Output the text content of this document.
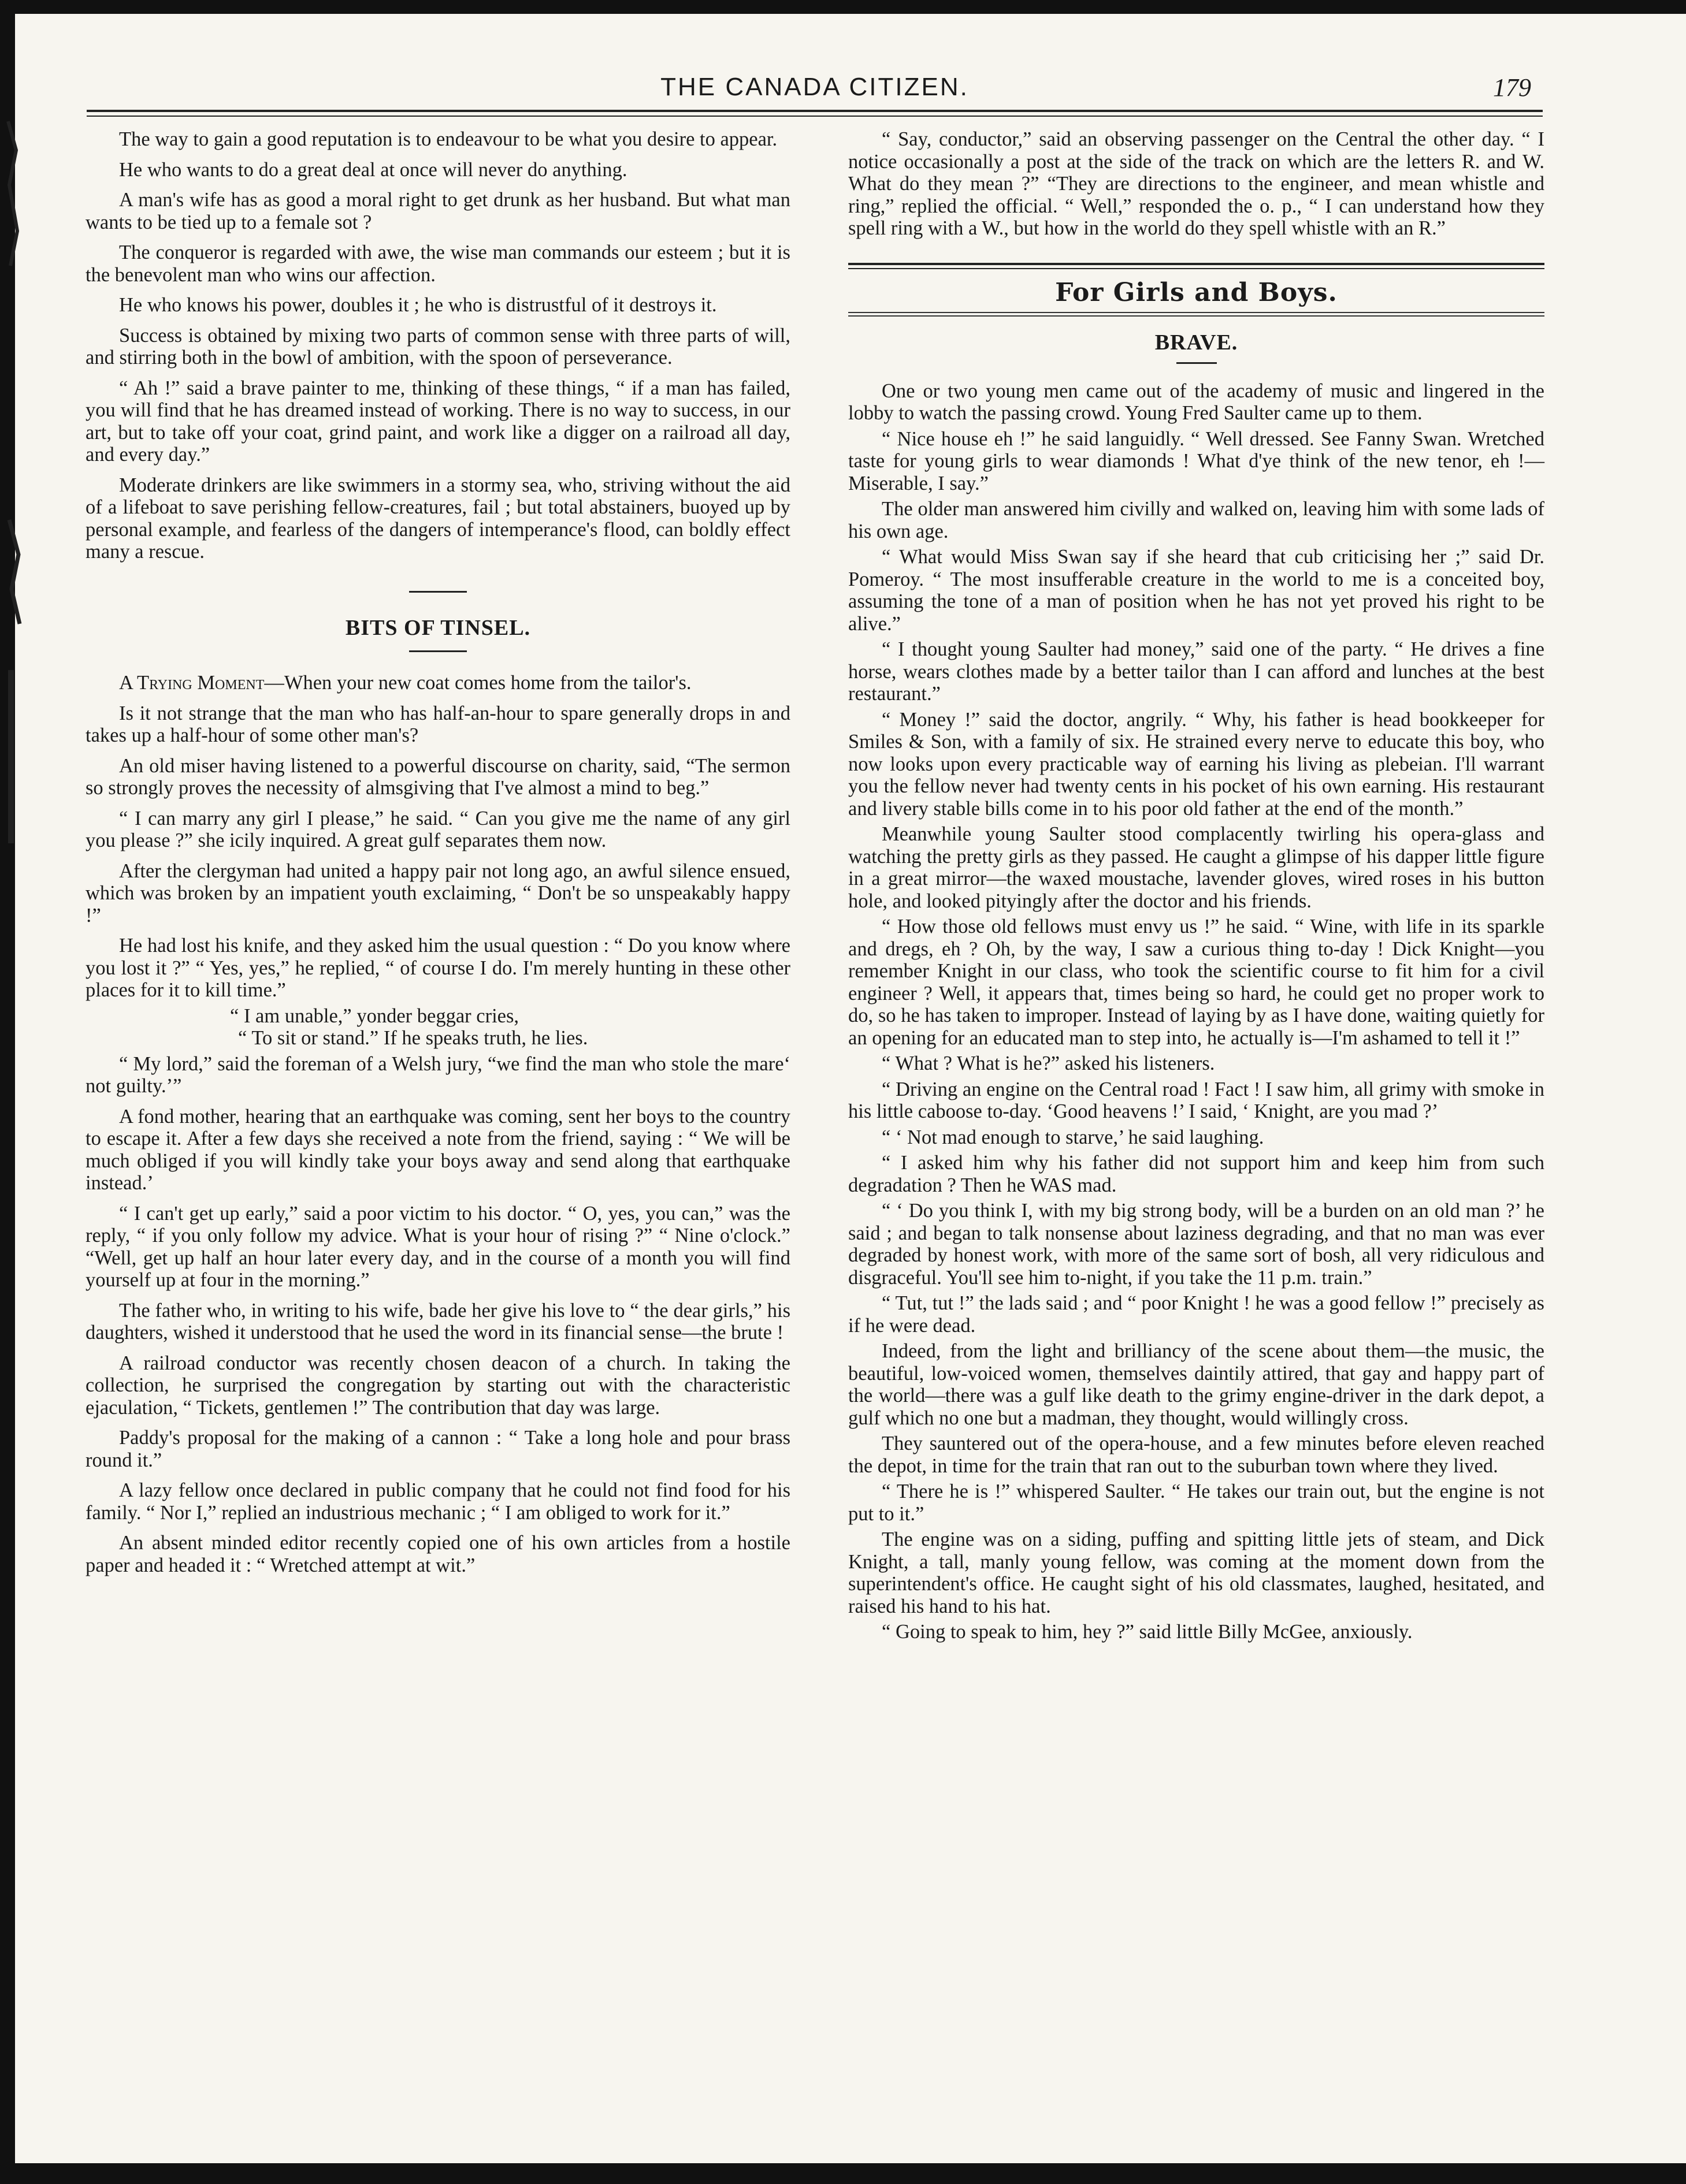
THE CANADA CITIZEN.	179

The way to gain a good reputation is to endeavour to be what you desire to appear.

He who wants to do a great deal at once will never do anything.

A man's wife has as good a moral right to get drunk as her husband. But what man wants to be tied up to a female sot ?

The conqueror is regarded with awe, the wise man commands our esteem ; but it is the benevolent man who wins our affection.

He who knows his power, doubles it ; he who is distrustful of it destroys it.

Success is obtained by mixing two parts of common sense with three parts of will, and stirring both in the bowl of ambition, with the spoon of perseverance.

“ Ah !” said a brave painter to me, thinking of these things, “ if a man has failed, you will find that he has dreamed instead of working. There is no way to success, in our art, but to take off your coat, grind paint, and work like a digger on a railroad all day, and every day.”

Moderate drinkers are like swimmers in a stormy sea, who, striving without the aid of a lifeboat to save perishing fellow-creatures, fail ; but total abstainers, buoyed up by personal example, and fearless of the dangers of intemperance's flood, can boldly effect many a rescue.

BITS OF TINSEL.

A Trying Moment—When your new coat comes home from the tailor's.

Is it not strange that the man who has half-an-hour to spare generally drops in and takes up a half-hour of some other man's?

An old miser having listened to a powerful discourse on charity, said, “The sermon so strongly proves the necessity of almsgiving that I've almost a mind to beg.”

“ I can marry any girl I please,” he said. “ Can you give me the name of any girl you please ?” she icily inquired. A great gulf separates them now.

After the clergyman had united a happy pair not long ago, an awful silence ensued, which was broken by an impatient youth exclaiming, “ Don't be so unspeakably happy !”

He had lost his knife, and they asked him the usual question : “ Do you know where you lost it ?” “ Yes, yes,” he replied, “ of course I do. I'm merely hunting in these other places for it to kill time.”

“ I am unable,” yonder beggar cries,
“ To sit or stand.” If he speaks truth, he lies.

“ My lord,” said the foreman of a Welsh jury, “we find the man who stole the mare‘ not guilty.’”

A fond mother, hearing that an earthquake was coming, sent her boys to the country to escape it. After a few days she received a note from the friend, saying : “ We will be much obliged if you will kindly take your boys away and send along that earthquake instead.’

“ I can't get up early,” said a poor victim to his doctor. “ O, yes, you can,” was the reply, “ if you only follow my advice. What is your hour of rising ?” “ Nine o'clock.” “Well, get up half an hour later every day, and in the course of a month you will find yourself up at four in the morning.”

The father who, in writing to his wife, bade her give his love to “ the dear girls,” his daughters, wished it understood that he used the word in its financial sense—the brute !

A railroad conductor was recently chosen deacon of a church. In taking the collection, he surprised the congregation by starting out with the characteristic ejaculation, “ Tickets, gentlemen !” The contribution that day was large.

Paddy's proposal for the making of a cannon : “ Take a long hole and pour brass round it.”

A lazy fellow once declared in public company that he could not find food for his family. “ Nor I,” replied an industrious mechanic ; “ I am obliged to work for it.”

An absent minded editor recently copied one of his own articles from a hostile paper and headed it : “ Wretched attempt at wit.”

“ Say, conductor,” said an observing passenger on the Central the other day. “ I notice occasionally a post at the side of the track on which are the letters R. and W. What do they mean ?” “They are directions to the engineer, and mean whistle and ring,” replied the official. “ Well,” responded the o. p., “ I can understand how they spell ring with a W., but how in the world do they spell whistle with an R.”

For Girls and Boys.
BRAVE.

One or two young men came out of the academy of music and lingered in the lobby to watch the passing crowd. Young Fred Saulter came up to them.

“ Nice house eh !” he said languidly. “ Well dressed. See Fanny Swan. Wretched taste for young girls to wear diamonds ! What d'ye think of the new tenor, eh !—Miserable, I say.”

The older man answered him civilly and walked on, leaving him with some lads of his own age.

“ What would Miss Swan say if she heard that cub criticising her ;” said Dr. Pomeroy. “ The most insufferable creature in the world to me is a conceited boy, assuming the tone of a man of position when he has not yet proved his right to be alive.”

“ I thought young Saulter had money,” said one of the party. “ He drives a fine horse, wears clothes made by a better tailor than I can afford and lunches at the best restaurant.”

“ Money !” said the doctor, angrily. “ Why, his father is head bookkeeper for Smiles & Son, with a family of six. He strained every nerve to educate this boy, who now looks upon every practicable way of earning his living as plebeian. I'll warrant you the fellow never had twenty cents in his pocket of his own earning. His restaurant and livery stable bills come in to his poor old father at the end of the month.”

Meanwhile young Saulter stood complacently twirling his opera-glass and watching the pretty girls as they passed. He caught a glimpse of his dapper little figure in a great mirror—the waxed moustache, lavender gloves, wired roses in his button hole, and looked pityingly after the doctor and his friends.

“ How those old fellows must envy us !” he said. “ Wine, with life in its sparkle and dregs, eh ? Oh, by the way, I saw a curious thing to-day ! Dick Knight—you remember Knight in our class, who took the scientific course to fit him for a civil engineer ? Well, it appears that, times being so hard, he could get no proper work to do, so he has taken to improper. Instead of laying by as I have done, waiting quietly for an opening for an educated man to step into, he actually is—I'm ashamed to tell it !”

“ What ? What is he?” asked his listeners.

“ Driving an engine on the Central road ! Fact ! I saw him, all grimy with smoke in his little caboose to-day. ‘Good heavens !’ I said, ‘ Knight, are you mad ?’

“ ‘ Not mad enough to starve,’ he said laughing.

“ I asked him why his father did not support him and keep him from such degradation ? Then he WAS mad.

“ ‘ Do you think I, with my big strong body, will be a burden on an old man ?’ he said ; and began to talk nonsense about laziness degrading, and that no man was ever degraded by honest work, with more of the same sort of bosh, all very ridiculous and disgraceful. You'll see him to-night, if you take the 11 p.m. train.”

“ Tut, tut !” the lads said ; and “ poor Knight ! he was a good fellow !” precisely as if he were dead.

Indeed, from the light and brilliancy of the scene about them—the music, the beautiful, low-voiced women, themselves daintily attired, that gay and happy part of the world—there was a gulf like death to the grimy engine-driver in the dark depot, a gulf which no one but a madman, they thought, would willingly cross.

They sauntered out of the opera-house, and a few minutes before eleven reached the depot, in time for the train that ran out to the suburban town where they lived.

“ There he is !” whispered Saulter. “ He takes our train out, but the engine is not put to it.”

The engine was on a siding, puffing and spitting little jets of steam, and Dick Knight, a tall, manly young fellow, was coming at the moment down from the superintendent's office. He caught sight of his old classmates, laughed, hesitated, and raised his hand to his hat.

“ Going to speak to him, hey ?” said little Billy McGee, anxiously.
